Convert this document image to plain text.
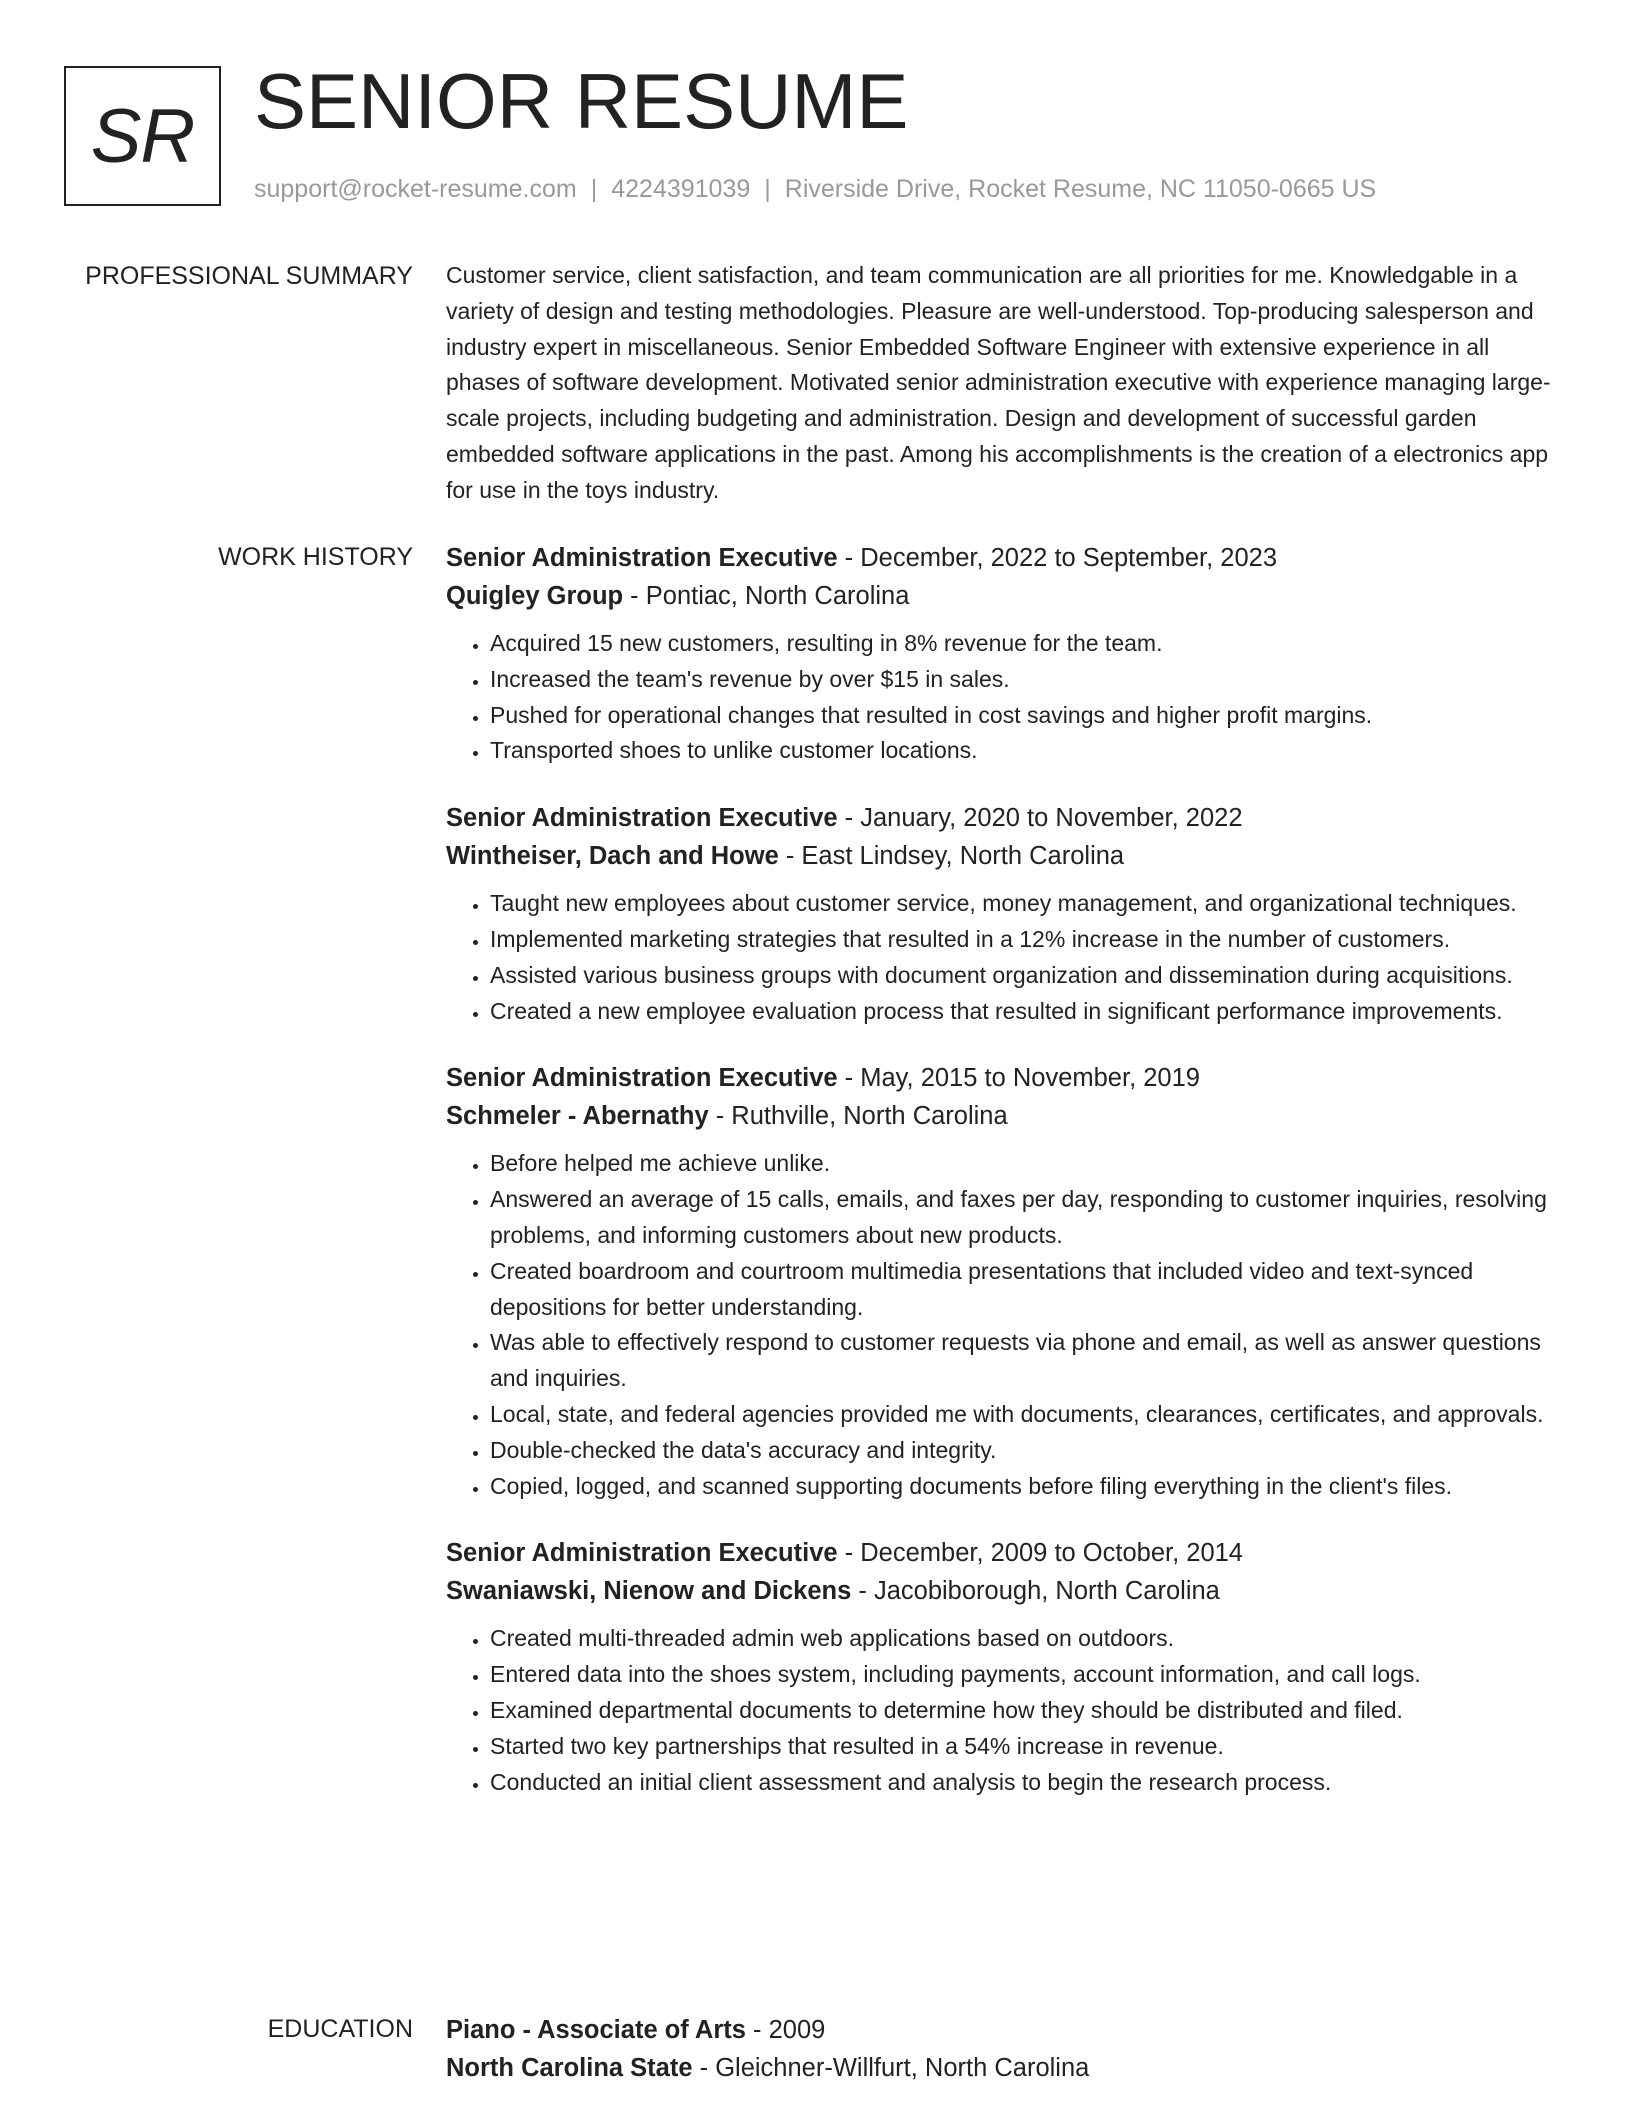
SR SENIOR RESUME
support@rocket-resume.com | 4224391039 | Riverside Drive, Rocket Resume, NC 11050-0665 US
PROFESSIONAL SUMMARY Customer service, client satisfaction, and team communication are all priorities for me. Knowledgable in a variety of design and testing methodologies. Pleasure are well-understood. Top-producing salesperson and industry expert in miscellaneous. Senior Embedded Software Engineer with extensive experience in all phases of software development. Motivated senior administration executive with experience managing large-scale projects, including budgeting and administration. Design and development of successful garden embedded software applications in the past. Among his accomplishments is the creation of a electronics app for use in the toys industry.

WORK HISTORY Senior Administration Executive - December, 2022 to September, 2023

Quigley Group - Pontiac, North Carolina

• Acquired 15 new customers, resulting in 8% revenue for the team.
• Increased the team's revenue by over $15 in sales.
• Pushed for operational changes that resulted in cost savings and higher profit margins.
• Transported shoes to unlike customer locations.

Senior Administration Executive - January, 2020 to November, 2022

Wintheiser, Dach and Howe - East Lindsey, North Carolina

• Taught new employees about customer service, money management, and organizational techniques.
• Implemented marketing strategies that resulted in a 12% increase in the number of customers.
• Assisted various business groups with document organization and dissemination during acquisitions.
• Created a new employee evaluation process that resulted in significant performance improvements.

Senior Administration Executive - May, 2015 to November, 2019

Schmeler - Abernathy - Ruthville, North Carolina

• Before helped me achieve unlike.
• Answered an average of 15 calls, emails, and faxes per day, responding to customer inquiries, resolving problems, and informing customers about new products.
• Created boardroom and courtroom multimedia presentations that included video and text-synced depositions for better understanding.
• Was able to effectively respond to customer requests via phone and email, as well as answer questions and inquiries.
• Local, state, and federal agencies provided me with documents, clearances, certificates, and approvals.
• Double-checked the data's accuracy and integrity.
• Copied, logged, and scanned supporting documents before filing everything in the client's files.

Senior Administration Executive - December, 2009 to October, 2014

Swaniawski, Nienow and Dickens - Jacobiborough, North Carolina

• Created multi-threaded admin web applications based on outdoors.
• Entered data into the shoes system, including payments, account information, and call logs.
• Examined departmental documents to determine how they should be distributed and filed.
• Started two key partnerships that resulted in a 54% increase in revenue.
• Conducted an initial client assessment and analysis to begin the research process.
EDUCATION Piano - Associate of Arts - 2009

North Carolina State - Gleichner-Willfurt, North Carolina
